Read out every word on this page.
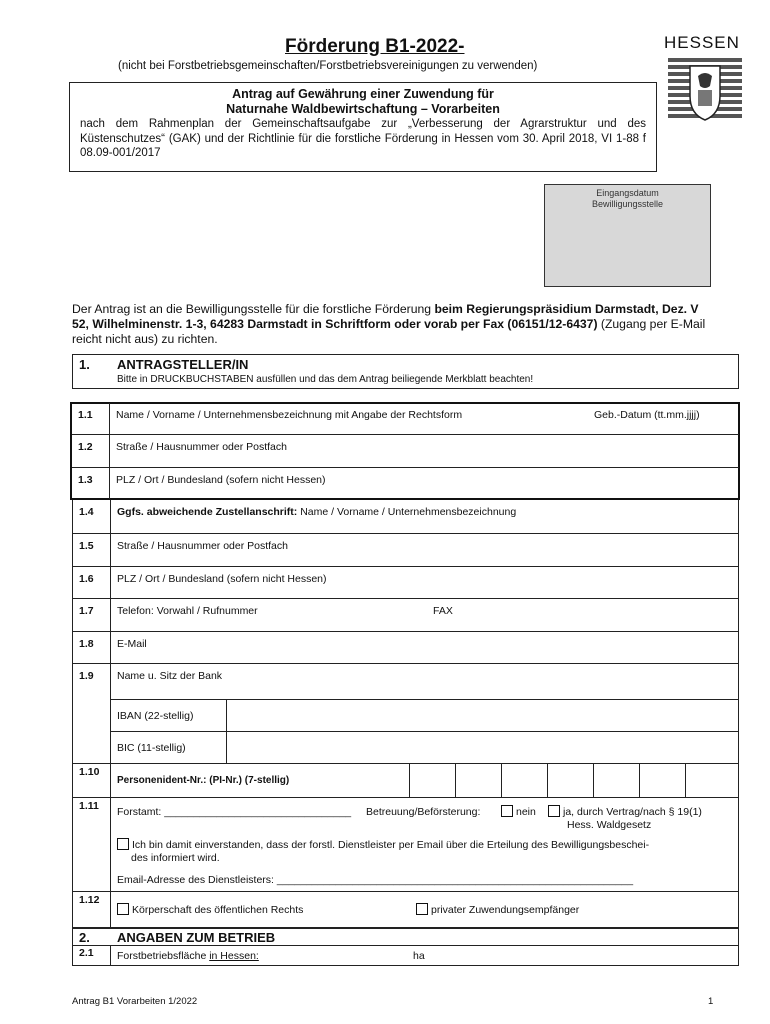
Förderung B1-2022-
(nicht bei Forstbetriebsgemeinschaften/Forstbetriebsvereinigungen zu verwenden)
HESSEN
Antrag auf Gewährung einer Zuwendung für
Naturnahe Waldbewirtschaftung – Vorarbeiten
nach dem Rahmenplan der Gemeinschaftsaufgabe zur „Verbesserung der Agrarstruktur und des Küstenschutzes“ (GAK) und der Richtlinie für die forstliche Förderung in Hessen vom 30. April 2018, VI 1-88 f 08.09-001/2017
Eingangsdatum
Bewilligungsstelle
Der Antrag ist an die Bewilligungsstelle für die forstliche Förderung beim Regierungspräsidium Darmstadt, Dez. V 52, Wilhelminenstr. 1-3, 64283 Darmstadt in Schriftform oder vorab per Fax (06151/12-6437) (Zugang per E-Mail reicht nicht aus) zu richten.
1. ANTRAGSTELLER/IN
Bitte in DRUCKBUCHSTABEN ausfüllen und das dem Antrag beiliegende Merkblatt beachten!
1.1 Name / Vorname / Unternehmensbezeichnung mit Angabe der Rechtsform	Geb.-Datum (tt.mm.jjjj)
1.2 Straße / Hausnummer oder Postfach
1.3 PLZ / Ort / Bundesland (sofern nicht Hessen)
1.4 Ggfs. abweichende Zustellanschrift: Name / Vorname / Unternehmensbezeichnung
1.5 Straße / Hausnummer oder Postfach
1.6 PLZ / Ort / Bundesland (sofern nicht Hessen)
1.7 Telefon: Vorwahl / Rufnummer	FAX
1.8 E-Mail
1.9 Name u. Sitz der Bank
IBAN (22-stellig)
BIC (11-stellig)
1.10
Personenident-Nr.: (PI-Nr.) (7-stellig)
1.11 Forstamt: ________________________________ Betreuung/Beförsterung:	nein	ja, durch Vertrag/nach § 19(1)
Hess. Waldgesetz
Ich bin damit einverstanden, dass der forstl. Dienstleister per Email über die Erteilung des Bewilligungsbeschei-
des informiert wird.
Email-Adresse des Dienstleisters: _____________________________________________________________
1.12
Körperschaft des öffentlichen Rechts	privater Zuwendungsempfänger
2. ANGABEN ZUM BETRIEB
2.1 Forstbetriebsfläche in Hessen:	ha
Antrag B1 Vorarbeiten 1/2022	1
